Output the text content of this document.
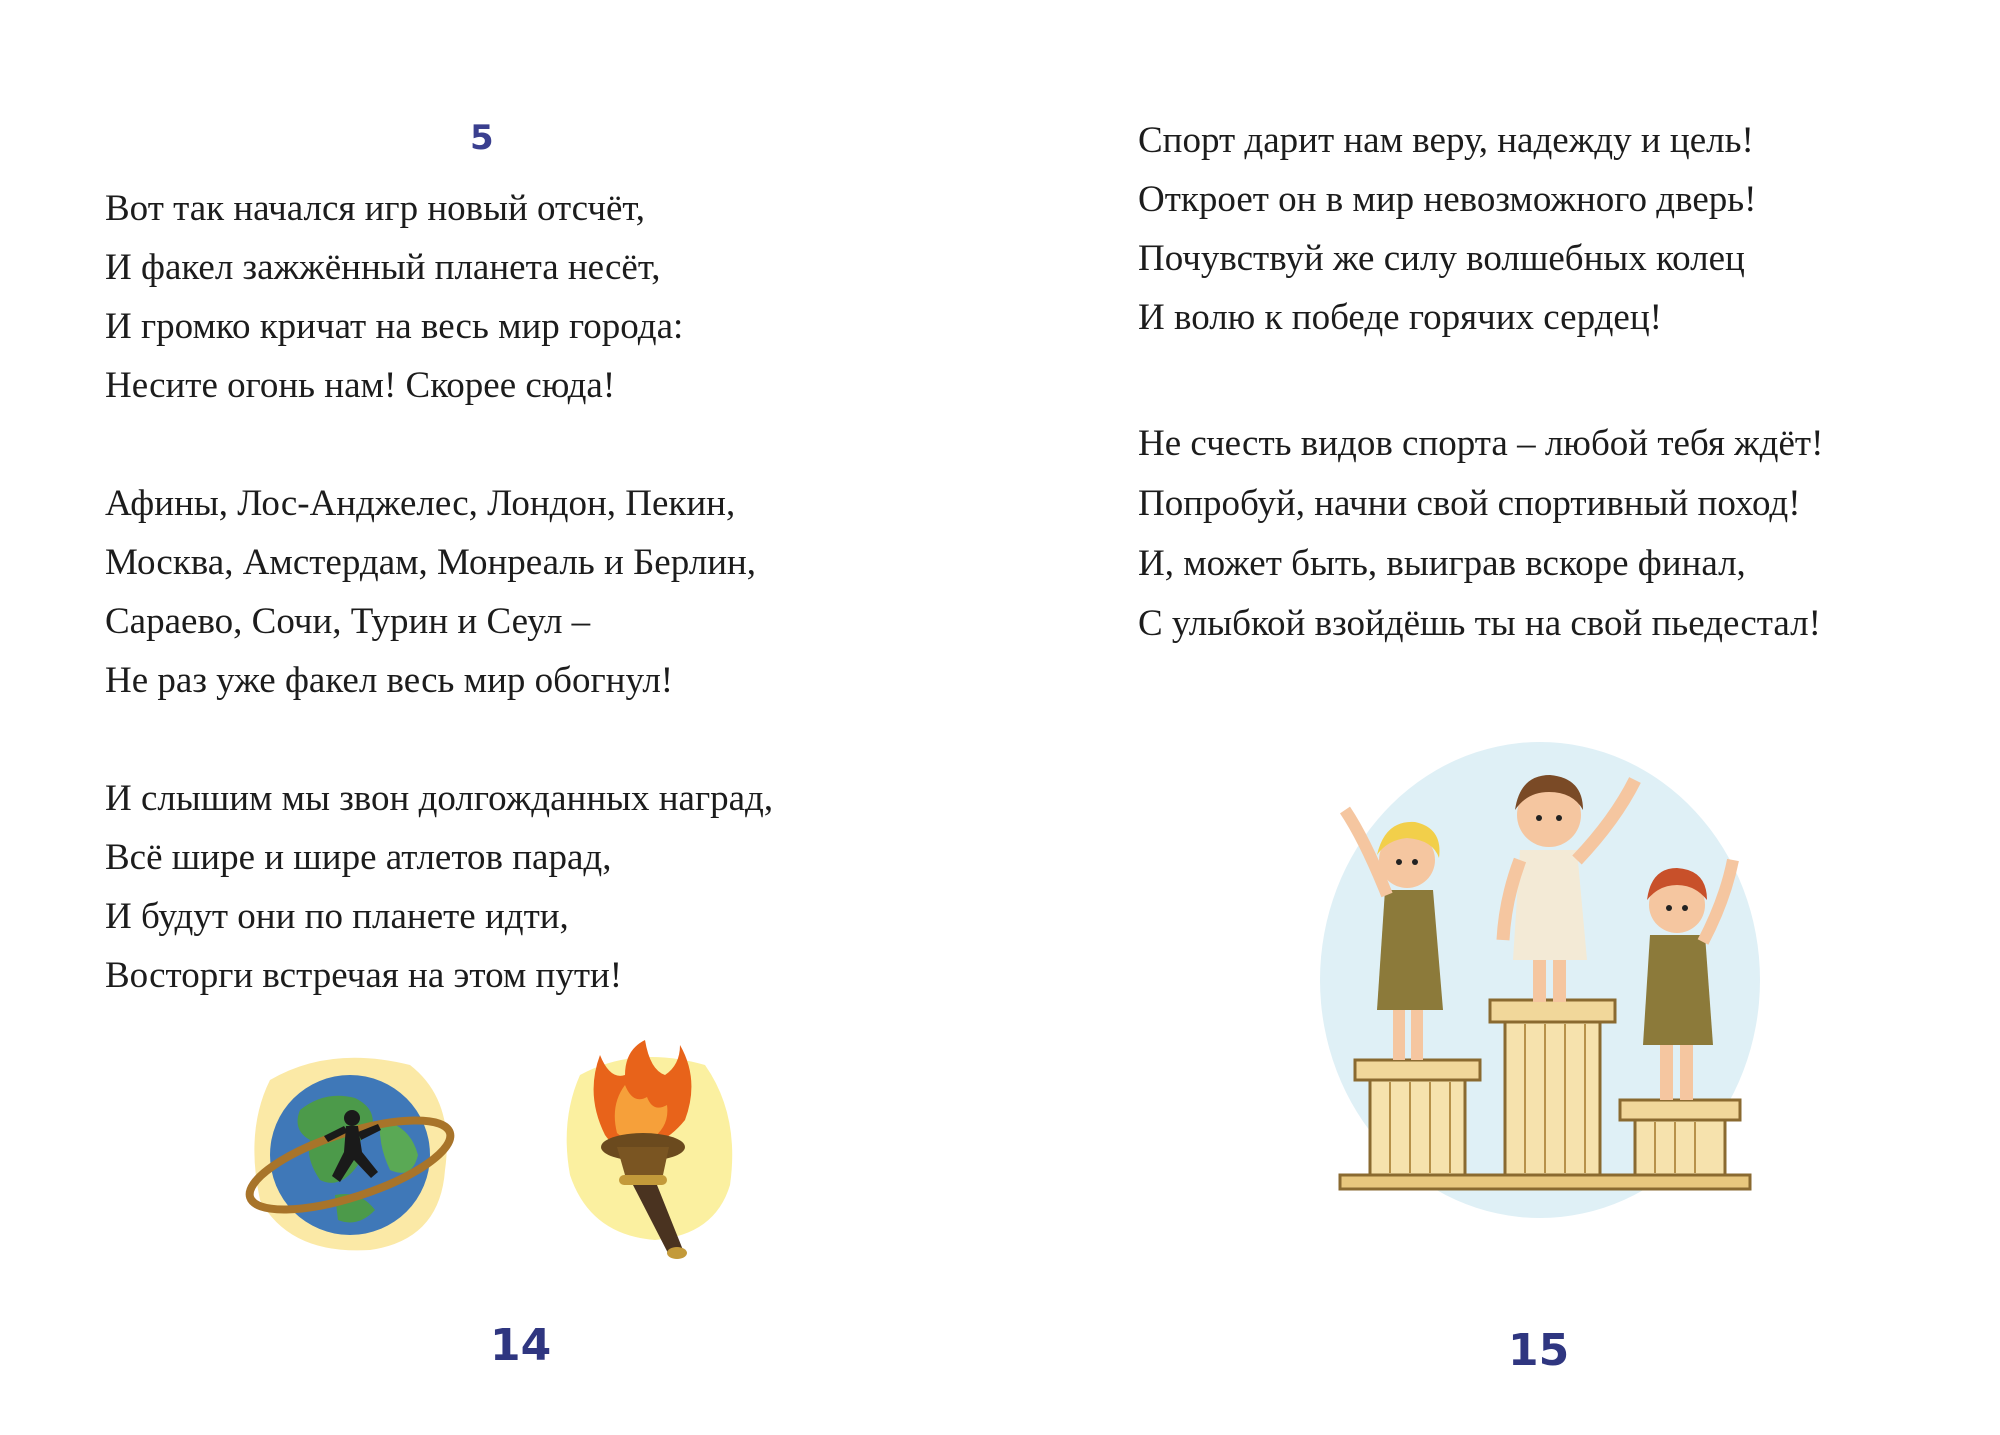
5
Вот так начался игр новый отсчёт,
И факел зажжённый планета несёт,
И громко кричат на весь мир города:
Несите огонь нам! Скорее сюда!
Афины, Лос-Анджелес, Лондон, Пекин,
Москва, Амстердам, Монреаль и Берлин,
Сараево, Сочи, Турин и Сеул –
Не раз уже факел весь мир обогнул!
И слышим мы звон долгожданных наград,
Всё шире и шире атлетов парад,
И будут они по планете идти,
Восторги встречая на этом пути!
14
Спорт дарит нам веру, надежду и цель!
Откроет он в мир невозможного дверь!
Почувствуй же силу волшебных колец
И волю к победе горячих сердец!
Не счесть видов спорта – любой тебя ждёт!
Попробуй, начни свой спортивный поход!
И, может быть, выиграв вскоре финал,
С улыбкой взойдёшь ты на свой пьедестал!
15
